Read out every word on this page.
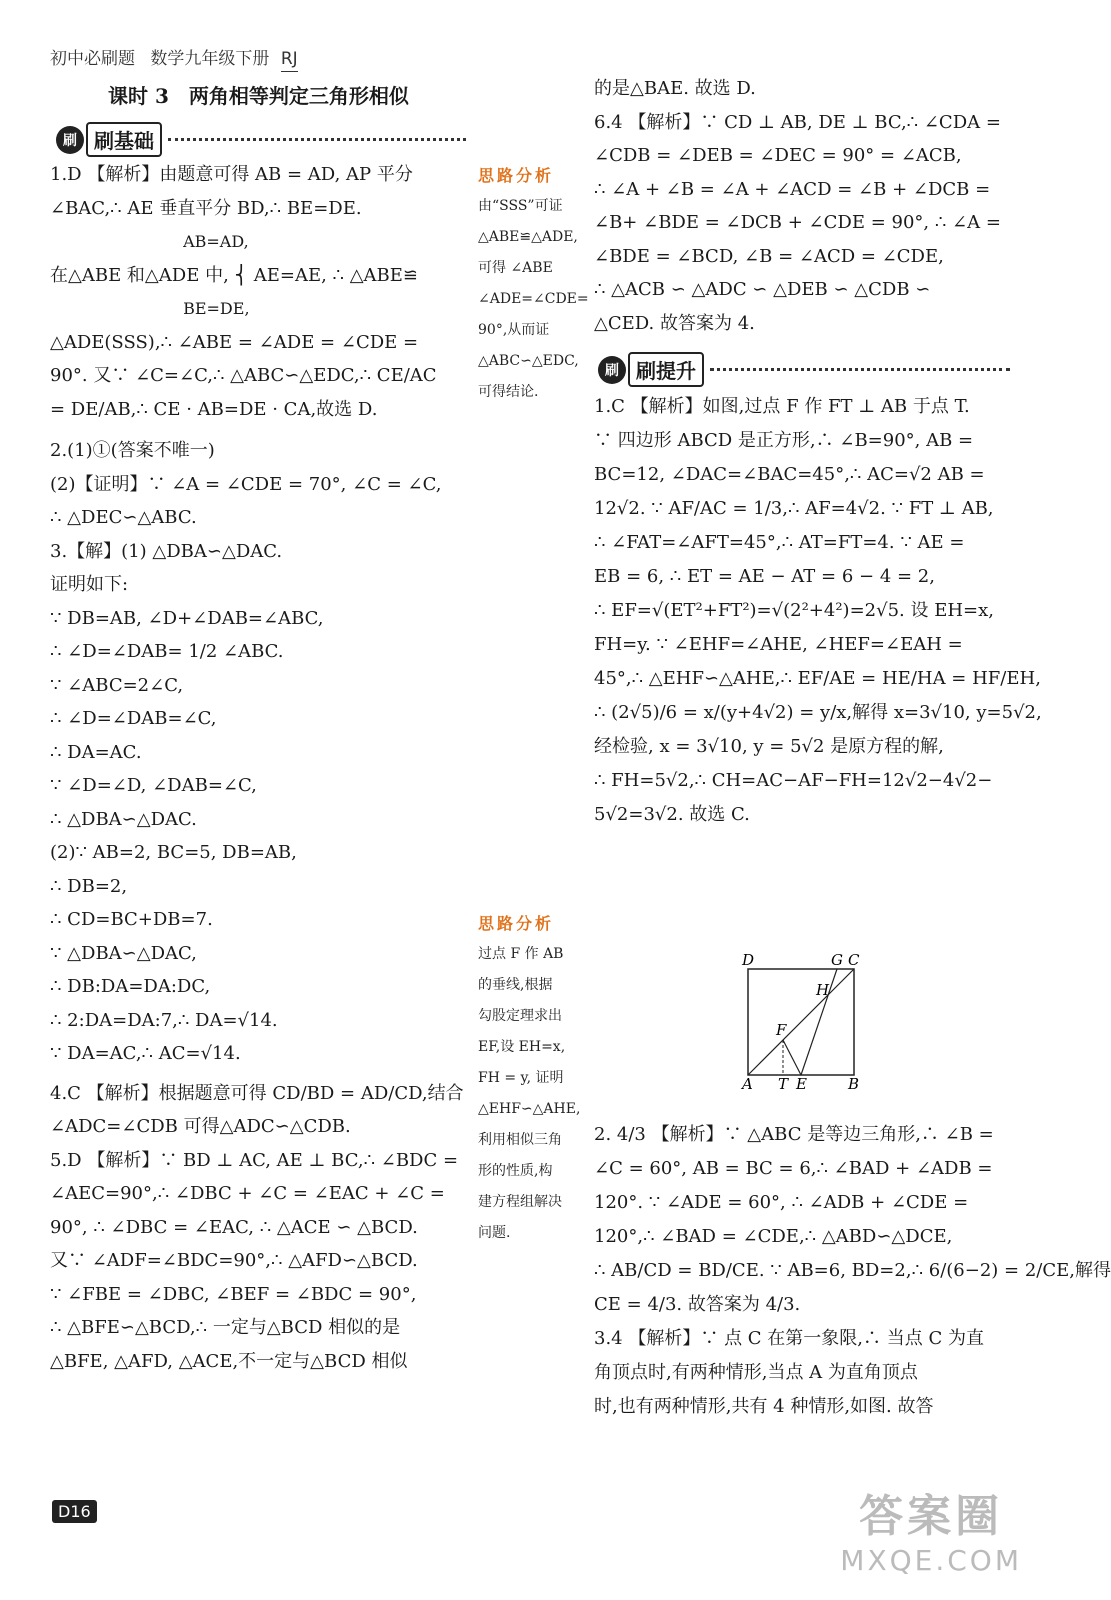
初中必刷题 数学九年级下册 RJ
课时 3　两角相等判定三角形相似
刷 刷基础

1.D 【解析】由题意可得 AB = AD, AP 平分

∠BAC,∴ AE 垂直平分 BD,∴ BE=DE.

　　　　　　　　 AB=AD,

在△ABE 和△ADE 中, ⎨ AE=AE, ∴ △ABE≌

　　　　　　　　 BE=DE,

△ADE(SSS),∴ ∠ABE = ∠ADE = ∠CDE =

90°. 又∵ ∠C=∠C,∴ △ABC∽△EDC,∴ CE/AC

= DE/AB,∴ CE · AB=DE · CA,故选 D.

2.(1)①(答案不唯一)

(2)【证明】∵ ∠A = ∠CDE = 70°, ∠C = ∠C,

∴ △DEC∽△ABC.

3.【解】(1) △DBA∽△DAC.

证明如下:

∵ DB=AB, ∠D+∠DAB=∠ABC,

∴ ∠D=∠DAB= 1/2 ∠ABC.

∵ ∠ABC=2∠C,

∴ ∠D=∠DAB=∠C,

∴ DA=AC.

∵ ∠D=∠D, ∠DAB=∠C,

∴ △DBA∽△DAC.

(2)∵ AB=2, BC=5, DB=AB,

∴ DB=2,

∴ CD=BC+DB=7.

∵ △DBA∽△DAC,

∴ DB:DA=DA:DC,

∴ 2:DA=DA:7,∴ DA=√14.

∵ DA=AC,∴ AC=√14.

4.C 【解析】根据题意可得 CD/BD = AD/CD,结合

∠ADC=∠CDB 可得△ADC∽△CDB.

5.D 【解析】∵ BD ⊥ AC, AE ⊥ BC,∴ ∠BDC =

∠AEC=90°,∴ ∠DBC + ∠C = ∠EAC + ∠C =

90°, ∴ ∠DBC = ∠EAC, ∴ △ACE ∽ △BCD.

又∵ ∠ADF=∠BDC=90°,∴ △AFD∽△BCD.

∵ ∠FBE = ∠DBC, ∠BEF = ∠BDC = 90°,

∴ △BFE∽△BCD,∴ 一定与△BCD 相似的是

△BFE, △AFD, △ACE,不一定与△BCD 相似

思路分析
由“SSS”可证
△ABE≌△ADE,
可得 ∠ABE
∠ADE=∠CDE=
90°,从而证
△ABC∽△EDC,
可得结论.
思路分析
过点 F 作 AB
的垂线,根据
勾股定理求出
EF,设 EH=x,
FH = y, 证明
△EHF∽△AHE,
利用相似三角
形的性质,构
建方程组解决
问题.

的是△BAE. 故选 D.

6.4 【解析】∵ CD ⊥ AB, DE ⊥ BC,∴ ∠CDA =

∠CDB = ∠DEB = ∠DEC = 90° = ∠ACB,

∴ ∠A + ∠B = ∠A + ∠ACD = ∠B + ∠DCB =

∠B+ ∠BDE = ∠DCB + ∠CDE = 90°, ∴ ∠A =

∠BDE = ∠BCD, ∠B = ∠ACD = ∠CDE,

∴ △ACB ∽ △ADC ∽ △DEB ∽ △CDB ∽

△CED. 故答案为 4.

刷 刷提升

1.C 【解析】如图,过点 F 作 FT ⊥ AB 于点 T.

∵ 四边形 ABCD 是正方形,∴ ∠B=90°, AB =

BC=12, ∠DAC=∠BAC=45°,∴ AC=√2 AB =

12√2. ∵ AF/AC = 1/3,∴ AF=4√2. ∵ FT ⊥ AB,

∴ ∠FAT=∠AFT=45°,∴ AT=FT=4. ∵ AE =

EB = 6, ∴ ET = AE − AT = 6 − 4 = 2,

∴ EF=√(ET²+FT²)=√(2²+4²)=2√5. 设 EH=x,

FH=y. ∵ ∠EHF=∠AHE, ∠HEF=∠EAH =

45°,∴ △EHF∽△AHE,∴ EF/AE = HE/HA = HF/EH,

∴ (2√5)/6 = x/(y+4√2) = y/x,解得 x=3√10, y=5√2,

经检验, x = 3√10, y = 5√2 是原方程的解,

∴ FH=5√2,∴ CH=AC−AF−FH=12√2−4√2−

5√2=3√2. 故选 C.

D	G C
H
F
A T E	B

2. 4/3 【解析】∵ △ABC 是等边三角形,∴ ∠B =

∠C = 60°, AB = BC = 6,∴ ∠BAD + ∠ADB =

120°. ∵ ∠ADE = 60°, ∴ ∠ADB + ∠CDE =

120°,∴ ∠BAD = ∠CDE,∴ △ABD∽△DCE,

∴ AB/CD = BD/CE. ∵ AB=6, BD=2,∴ 6/(6−2) = 2/CE,解得

CE = 4/3. 故答案为 4/3.

3.4 【解析】∵ 点 C 在第一象限,∴ 当点 C 为直

角顶点时,有两种情形,当点 A 为直角顶点

时,也有两种情形,共有 4 种情形,如图. 故答

D16	答案圈
MXQE.COM
